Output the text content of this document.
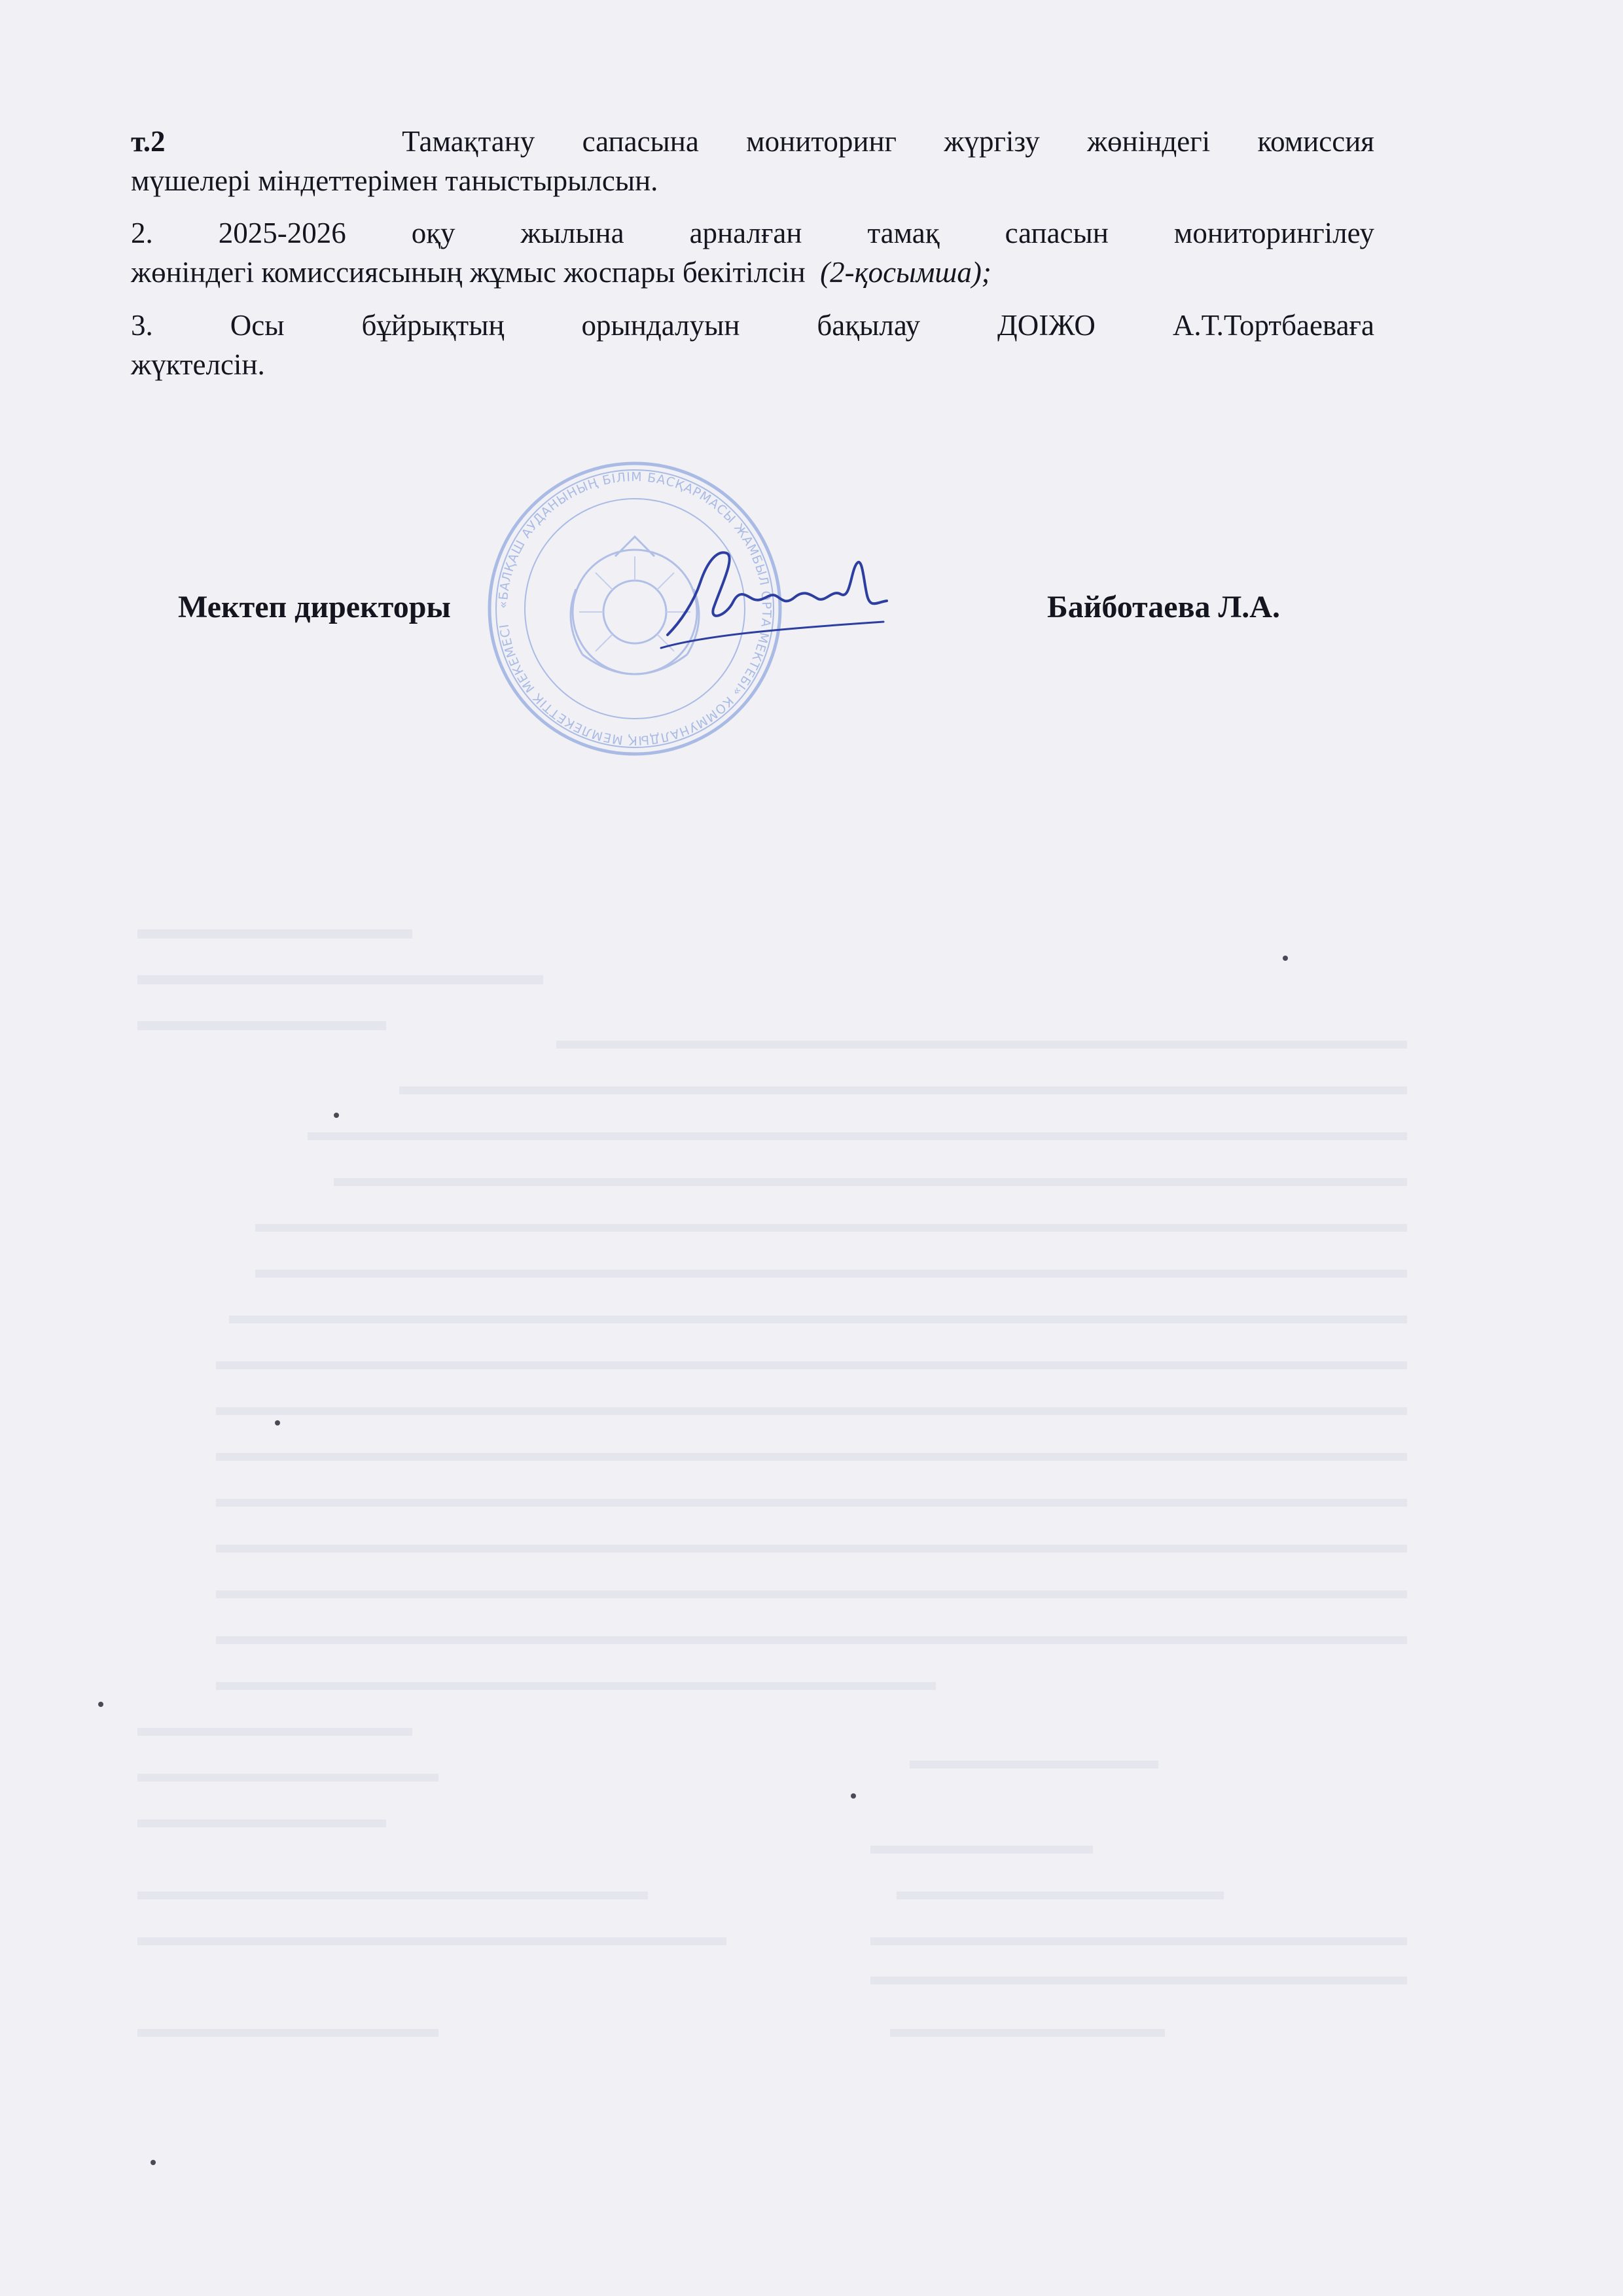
т.2	Тамақтану сапасына мониторинг жүргізу жөніндегі комиссия
мүшелері міндеттерімен таныстырылсын.
2. 2025-2026 оқу жылына арналған тамақ сапасын мониторингілеу
жөніндегі комиссиясының жұмыс жоспары бекітілсін (2-қосымша);
3. Осы бұйрықтың орындалуын бақылау ДОІЖО А.Т.Тортбаеваға
жүктелсін.
«БАЛҚАШ АУДАНЫНЫҢ БІЛІМ БАСҚАРМАСЫ ЖАМБЫЛ ОРТА МЕКТЕБІ» КОММУНАЛДЫҚ МЕМЛЕКЕТТІК МЕКЕМЕСІ
Мектеп директоры	Байботаева Л.А.
